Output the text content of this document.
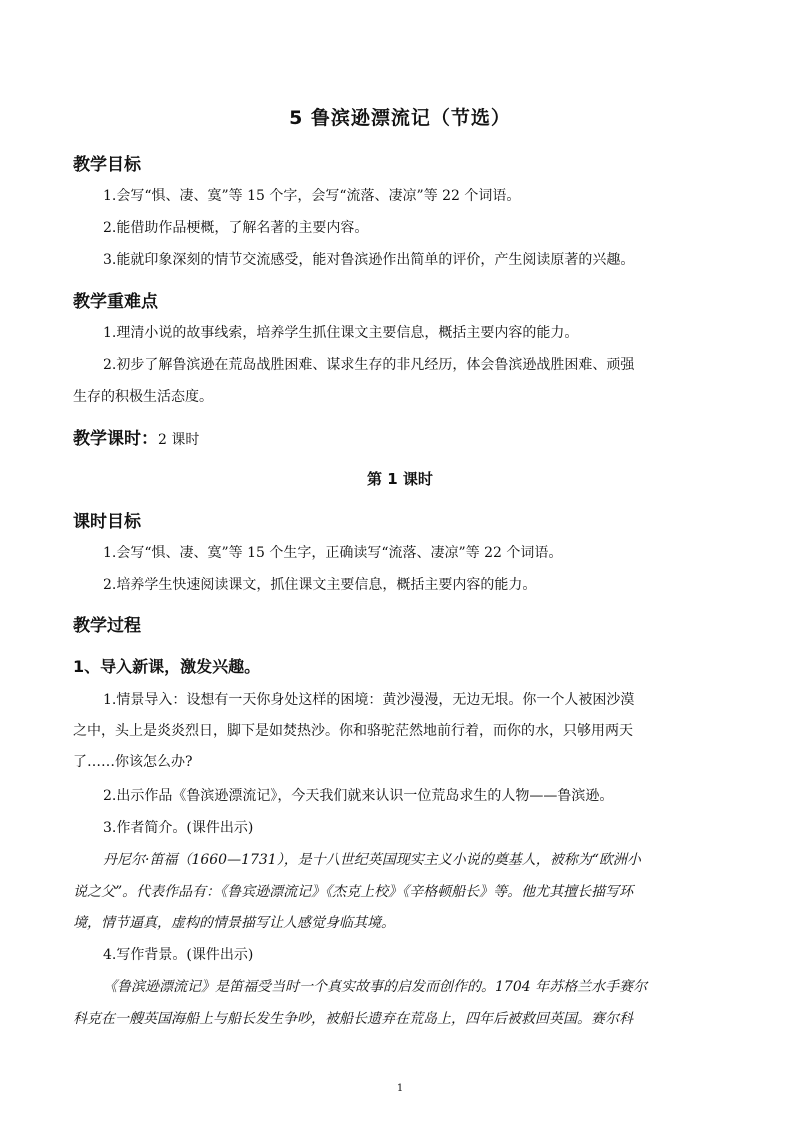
5 鲁滨逊漂流记（节选）
教学目标
1.会写“惧、凄、寞”等 15 个字，会写“流落、凄凉”等 22 个词语。
2.能借助作品梗概，了解名著的主要内容。
3.能就印象深刻的情节交流感受，能对鲁滨逊作出简单的评价，产生阅读原著的兴趣。
教学重难点
1.理清小说的故事线索，培养学生抓住课文主要信息，概括主要内容的能力。
2.初步了解鲁滨逊在荒岛战胜困难、谋求生存的非凡经历，体会鲁滨逊战胜困难、顽强
生存的积极生活态度。
教学课时：2 课时
第 1 课时
课时目标
1.会写“惧、凄、寞”等 15 个生字，正确读写“流落、凄凉”等 22 个词语。
2.培养学生快速阅读课文，抓住课文主要信息，概括主要内容的能力。
教学过程
1、导入新课，激发兴趣。
1.情景导入：设想有一天你身处这样的困境：黄沙漫漫，无边无垠。你一个人被困沙漠
之中，头上是炎炎烈日，脚下是如焚热沙。你和骆驼茫然地前行着，而你的水，只够用两天
了……你该怎么办?
2.出示作品《鲁滨逊漂流记》，今天我们就来认识一位荒岛求生的人物——鲁滨逊。
3.作者简介。(课件出示)
丹尼尔·笛福（1660—1731），是十八世纪英国现实主义小说的奠基人，被称为“欧洲小
说之父”。代表作品有：《鲁宾逊漂流记》《杰克上校》《辛格顿船长》等。他尤其擅长描写环
境，情节逼真，虚构的情景描写让人感觉身临其境。
4.写作背景。(课件出示)
《鲁滨逊漂流记》是笛福受当时一个真实故事的启发而创作的。1704 年苏格兰水手赛尔
科克在一艘英国海船上与船长发生争吵，被船长遗弃在荒岛上，四年后被救回英国。赛尔科
1
